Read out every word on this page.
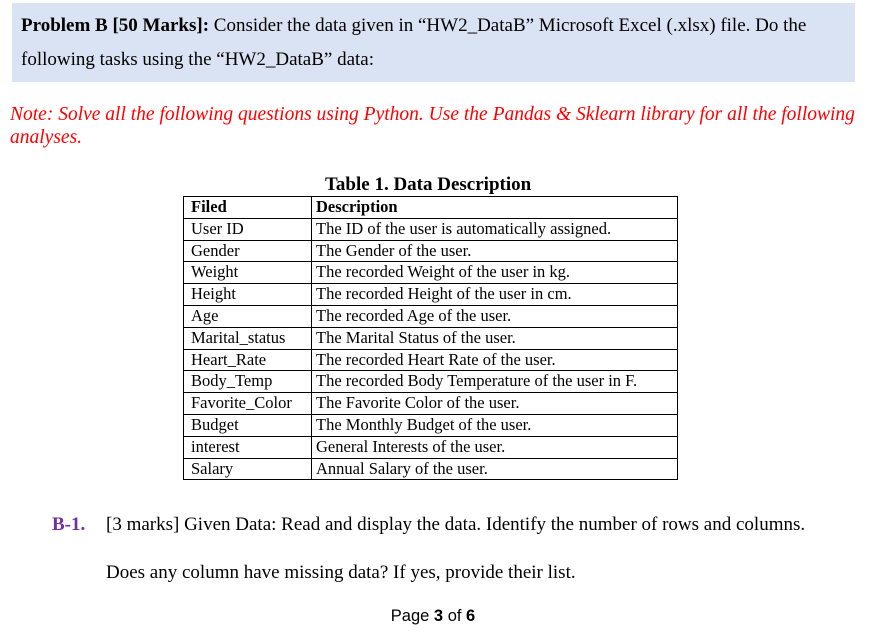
Problem B [50 Marks]: Consider the data given in “HW2_DataB” Microsoft Excel (.xlsx) file. Do the
following tasks using the “HW2_DataB” data:
Note: Solve all the following questions using Python. Use the Pandas & Sklearn library for all the following analyses.
Table 1. Data Description
Filed	Description
User ID	The ID of the user is automatically assigned.
Gender	The Gender of the user.
Weight	The recorded Weight of the user in kg.
Height	The recorded Height of the user in cm.
Age	The recorded Age of the user.
Marital_status	The Marital Status of the user.
Heart_Rate	The recorded Heart Rate of the user.
Body_Temp	The recorded Body Temperature of the user in F.
Favorite_Color	The Favorite Color of the user.
Budget	The Monthly Budget of the user.
interest	General Interests of the user.
Salary	Annual Salary of the user.
B-1. [3 marks] Given Data: Read and display the data. Identify the number of rows and columns.
Does any column have missing data? If yes, provide their list.
Page 3 of 6
